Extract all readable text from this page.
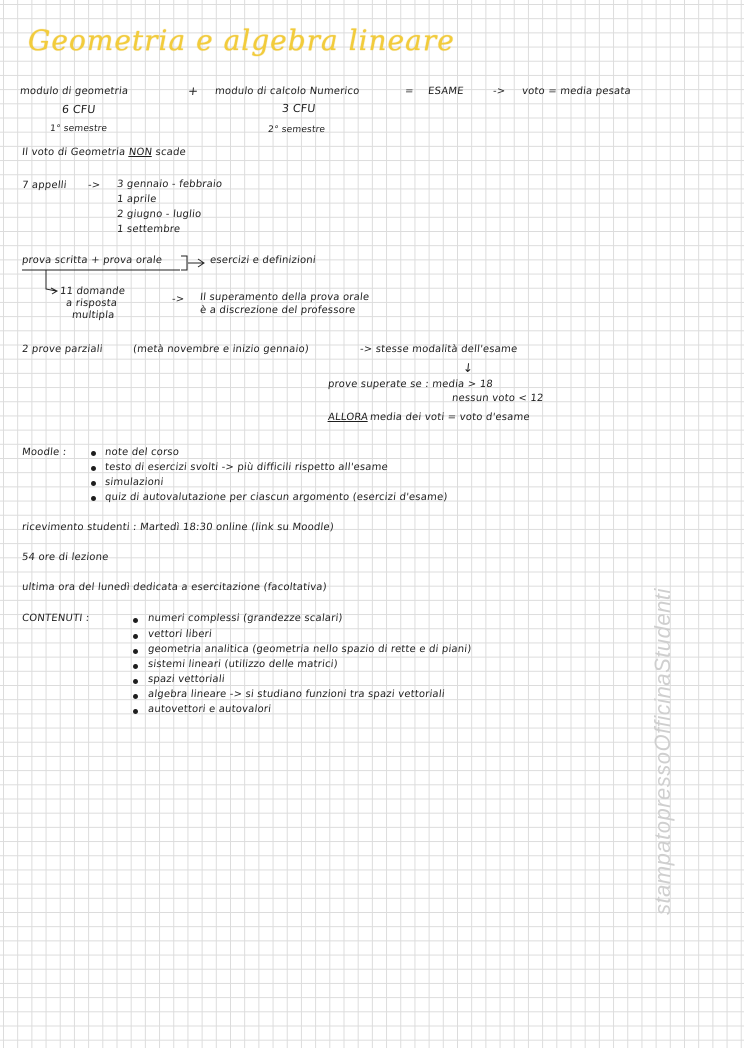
Geometria e algebra lineare
modulo di geometria	+ modulo di calcolo Numerico	= ESAME	-> voto = media pesata
6 CFU	3 CFU
1° semestre	2° semestre
Il voto di Geometria NON scade
7 appelli -> 3 gennaio - febbraio
1 aprile
2 giugno - luglio
1 settembre
prova scritta + prova orale	esercizi e definizioni
11 domande
a risposta
multipla
-> Il superamento della prova orale
è a discrezione del professore
2 prove parziali	(metà novembre e inizio gennaio)	-> stesse modalità dell'esame
↓
prove superate se : media > 18
nessun voto < 12
ALLORA media dei voti = voto d'esame
Moodle :	note del corso
testo di esercizi svolti -> più difficili rispetto all'esame
simulazioni
quiz di autovalutazione per ciascun argomento (esercizi d'esame)
ricevimento studenti : Martedì 18:30 online (link su Moodle)
54 ore di lezione
ultima ora del lunedì dedicata a esercitazione (facoltativa)
CONTENUTI :	numeri complessi (grandezze scalari)
vettori liberi
geometria analitica (geometria nello spazio di rette e di piani)
sistemi lineari (utilizzo delle matrici)
spazi vettoriali
algebra lineare -> si studiano funzioni tra spazi vettoriali
autovettori e autovalori	stampatopressoOfficinaStudenti
